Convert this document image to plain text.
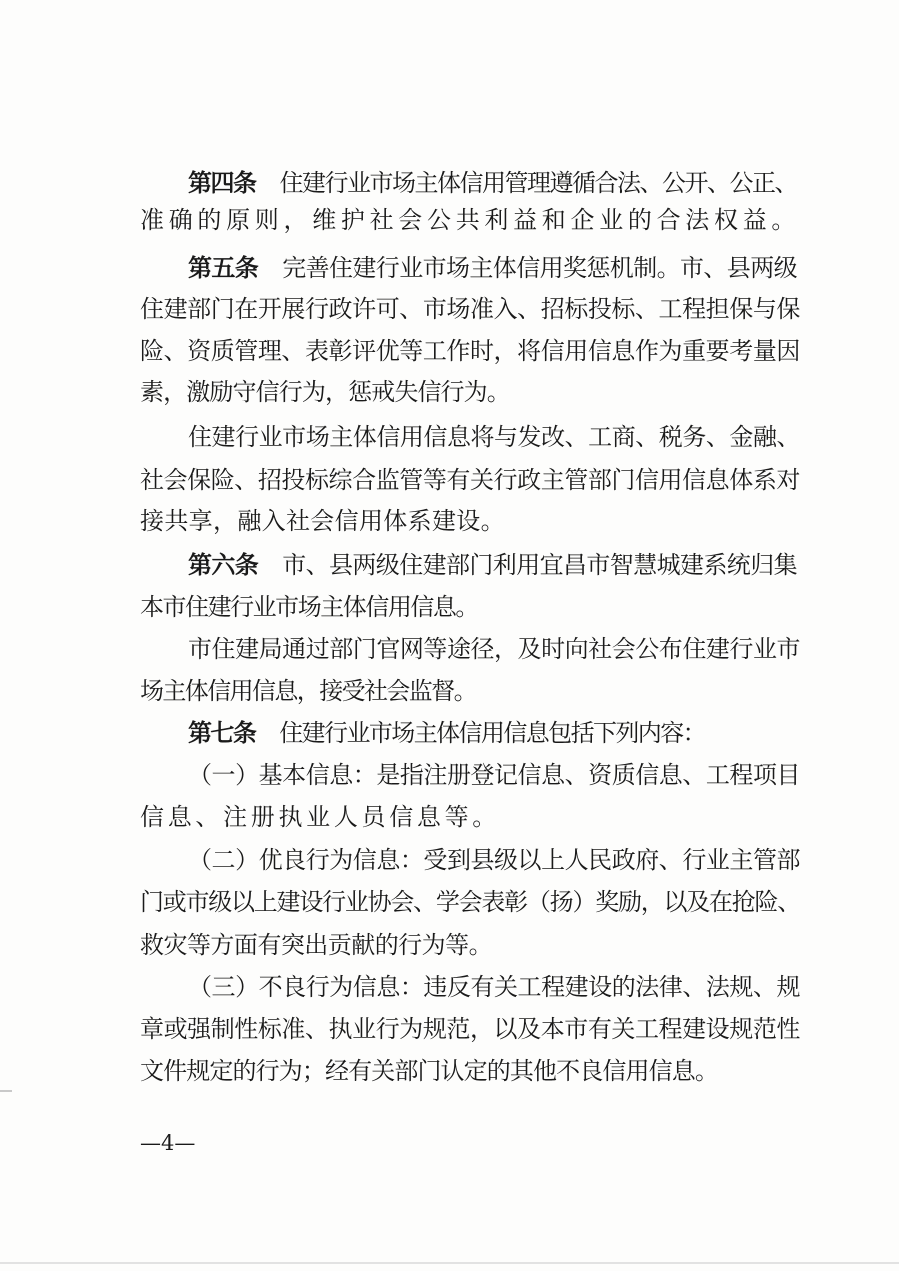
第四条 住建行业市场主体信用管理遵循合法、公开、公正、
准确的原则，维护社会公共利益和企业的合法权益。
第五条 完善住建行业市场主体信用奖惩机制。市、县两级
住建部门在开展行政许可、市场准入、招标投标、工程担保与保
险、资质管理、表彰评优等工作时，将信用信息作为重要考量因
素，激励守信行为，惩戒失信行为。
住建行业市场主体信用信息将与发改、工商、税务、金融、
社会保险、招投标综合监管等有关行政主管部门信用信息体系对
接共享，融入社会信用体系建设。
第六条 市、县两级住建部门利用宜昌市智慧城建系统归集
本市住建行业市场主体信用信息。
市住建局通过部门官网等途径，及时向社会公布住建行业市
场主体信用信息，接受社会监督。
第七条 住建行业市场主体信用信息包括下列内容：
（一）基本信息：是指注册登记信息、资质信息、工程项目
信息、注册执业人员信息等。
（二）优良行为信息：受到县级以上人民政府、行业主管部
门或市级以上建设行业协会、学会表彰（扬）奖励，以及在抢险、
救灾等方面有突出贡献的行为等。
（三）不良行为信息：违反有关工程建设的法律、法规、规
章或强制性标准、执业行为规范，以及本市有关工程建设规范性
文件规定的行为；经有关部门认定的其他不良信用信息。
—4—
